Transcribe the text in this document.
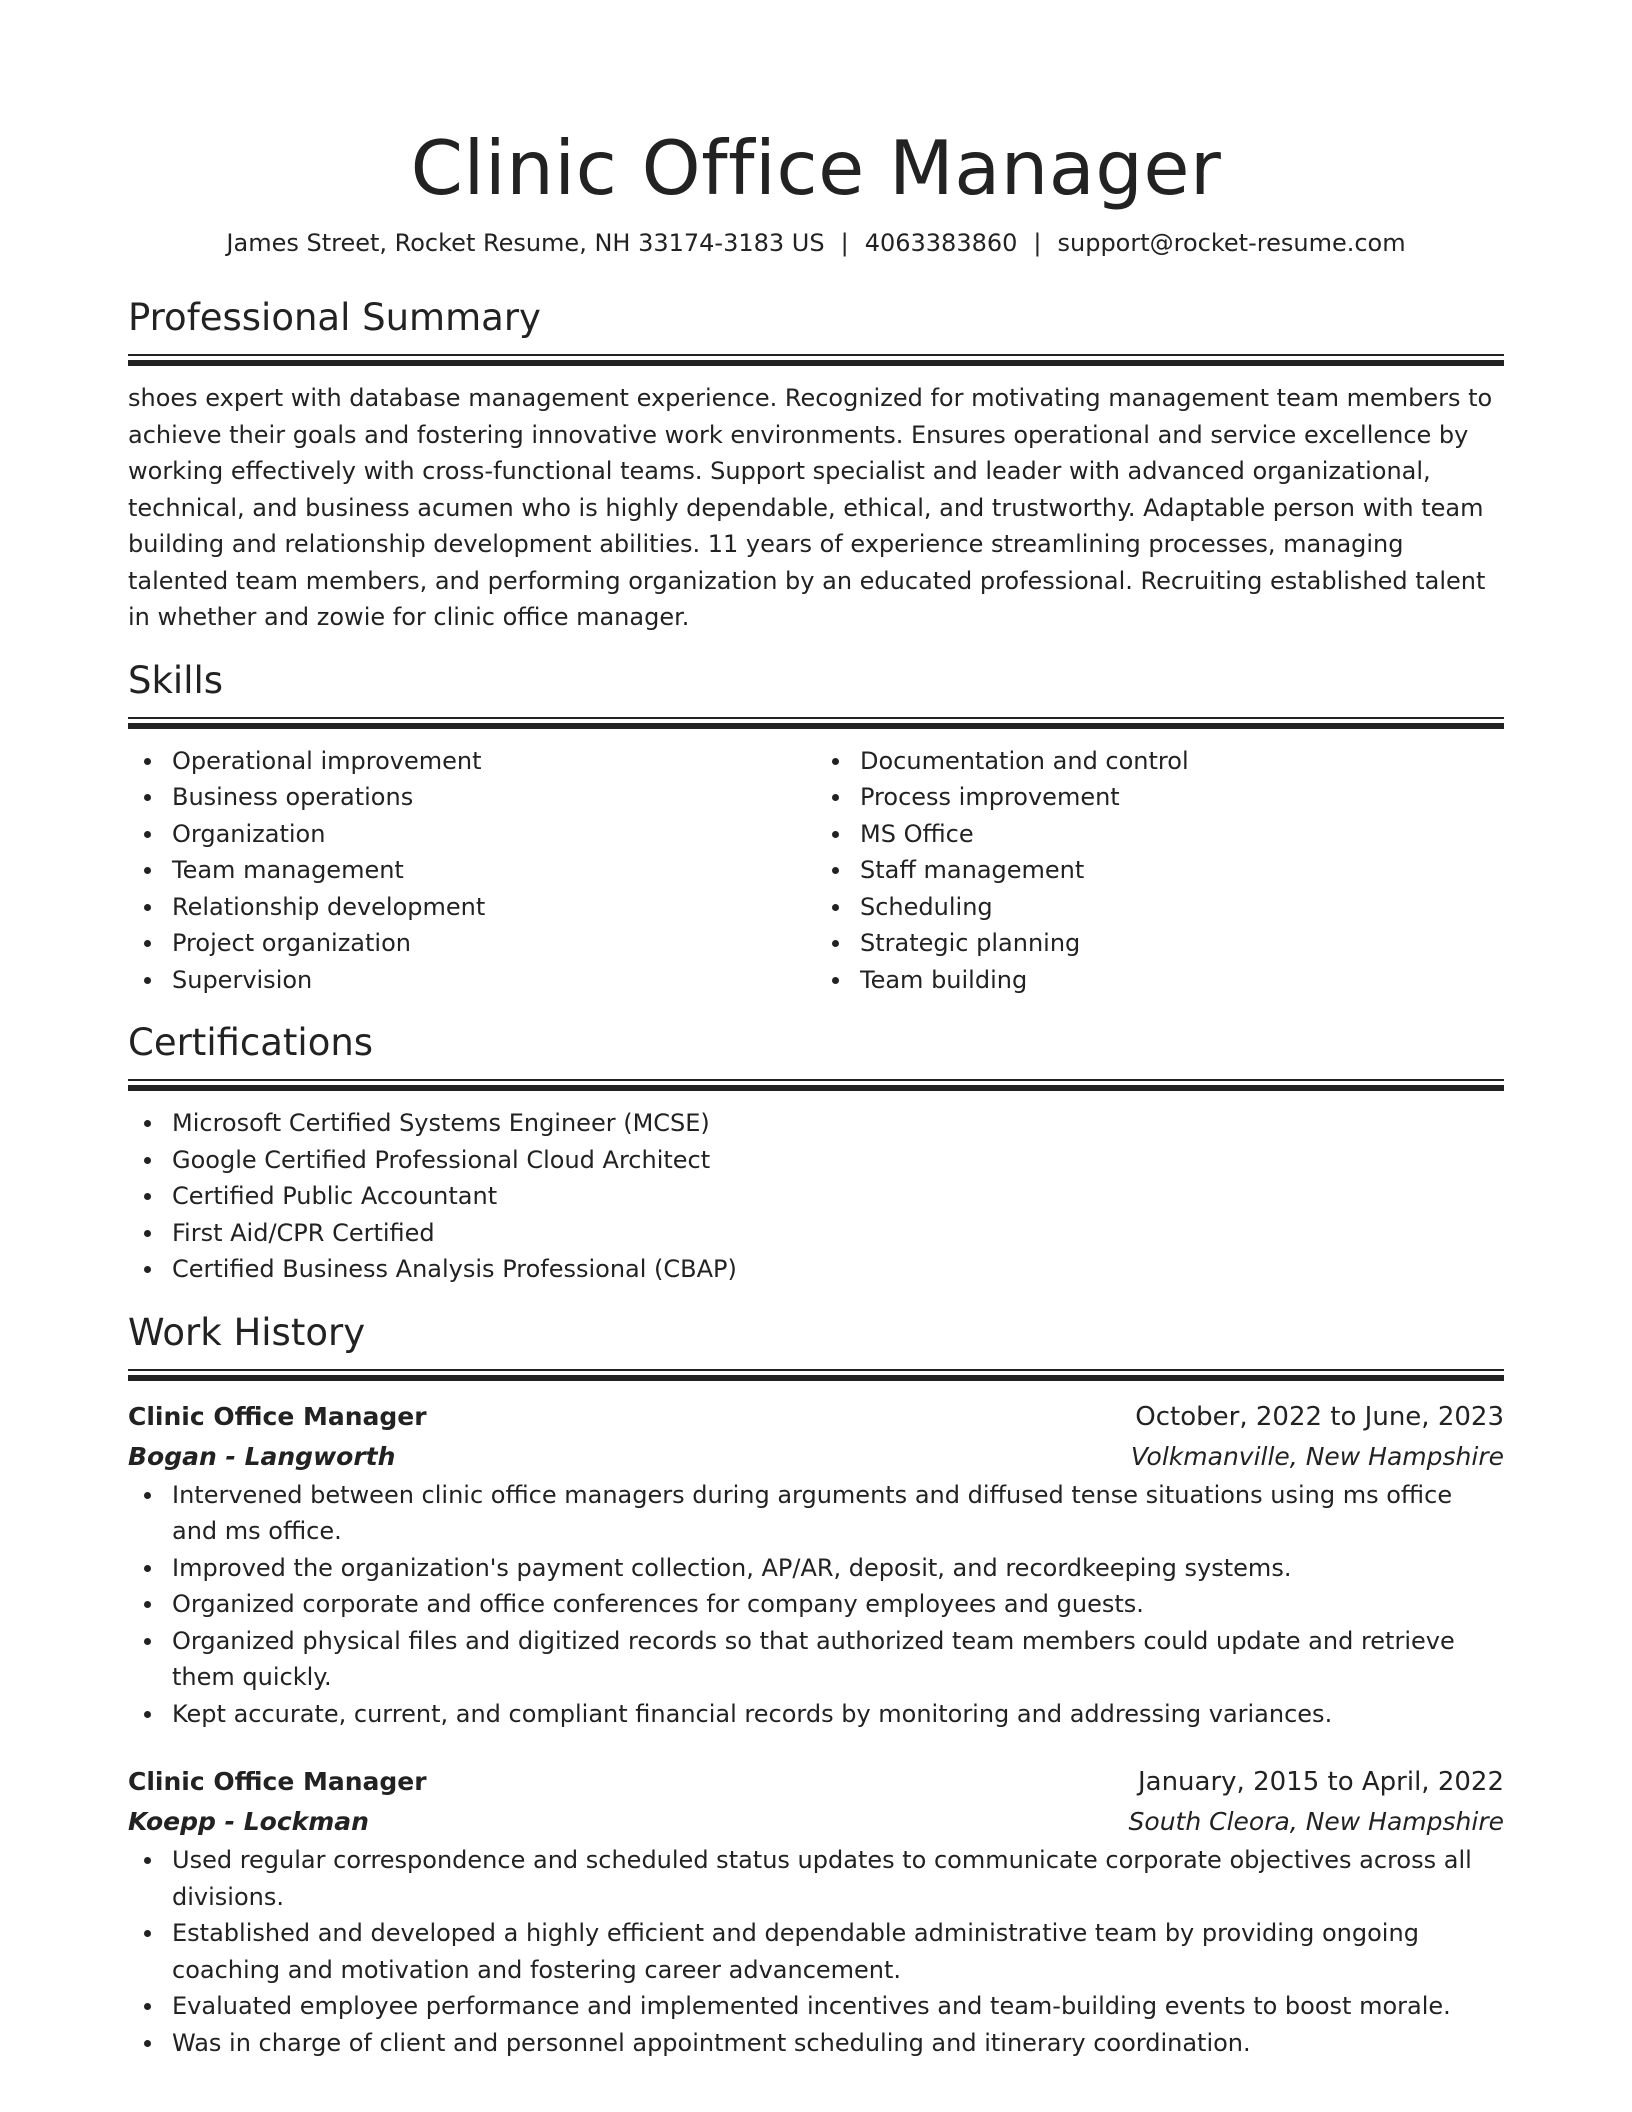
Clinic Office Manager
James Street, Rocket Resume, NH 33174-3183 US | 4063383860 | support@rocket-resume.com
Professional Summary

shoes expert with database management experience. Recognized for motivating management team members to achieve their goals and fostering innovative work environments. Ensures operational and service excellence by working effectively with cross-functional teams. Support specialist and leader with advanced organizational, technical, and business acumen who is highly dependable, ethical, and trustworthy. Adaptable person with team building and relationship development abilities. 11 years of experience streamlining processes, managing talented team members, and performing organization by an educated professional. Recruiting established talent in whether and zowie for clinic office manager.

Skills
Operational improvement
Business operations
Organization
Team management
Relationship development
Project organization
Supervision
Documentation and control
Process improvement
MS Office
Staff management
Scheduling
Strategic planning
Team building
Certifications
Microsoft Certified Systems Engineer (MCSE)
Google Certified Professional Cloud Architect
Certified Public Accountant
First Aid/CPR Certified
Certified Business Analysis Professional (CBAP)
Work History
Clinic Office Manager	October, 2022 to June, 2023
Bogan - Langworth	Volkmanville, New Hampshire
Intervened between clinic office managers during arguments and diffused tense situations using ms office and ms office.
Improved the organization's payment collection, AP/AR, deposit, and recordkeeping systems.
Organized corporate and office conferences for company employees and guests.
Organized physical files and digitized records so that authorized team members could update and retrieve them quickly.
Kept accurate, current, and compliant financial records by monitoring and addressing variances.
Clinic Office Manager	January, 2015 to April, 2022
Koepp - Lockman	South Cleora, New Hampshire
Used regular correspondence and scheduled status updates to communicate corporate objectives across all divisions.
Established and developed a highly efficient and dependable administrative team by providing ongoing coaching and motivation and fostering career advancement.
Evaluated employee performance and implemented incentives and team-building events to boost morale.
Was in charge of client and personnel appointment scheduling and itinerary coordination.
